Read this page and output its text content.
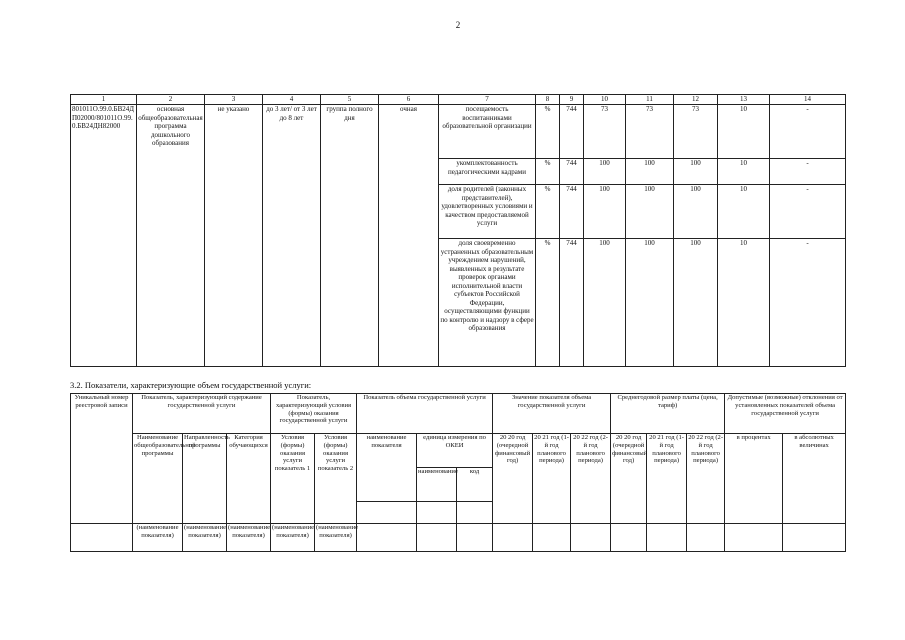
2
1	2	3	4	5	6	7	8	9	10	11	12	13	14
801011О.99.0.БВ24ДП02000/801011О.99.0.БВ24ДН82000	основная общеобразовательная программа дошкольного образования	не указано	до 3 лет/ от 3 лет до 8 лет	группа полного дня	очная	посещаемость воспитанниками образовательной организации	%	744	73	73	73	10	-
						укомплектованность педагогическими кадрами	%	744	100	100	100	10	-
						доля родителей (законных представителей), удовлетворенных условиями и качеством предоставляемой услуги	%	744	100	100	100	10	-
						доля своевременно устраненных образовательным учреждением нарушений, выявленных в результате проверок органами исполнительной власти субъектов Российской Федерации, осуществляющими функции по контролю и надзору в сфере образования	%	744	100	100	100	10	-
3.2. Показатели, характеризующие объем государственной услуги:
Уникальный номер реестровой записи	Показатель, характеризующий содержание государственной услуги			Показатель, характеризующий условия (формы) оказания государственной услуги		Показатель объема государственной услуги			Значение показателя объема государственной услуги			Среднегодовой размер платы (цена, тариф)			Допустимые (возможные) отклонения от установленных показателей объема государственной услуги	
	Наименование общеобразовательной программы	Направленность программы	Категория обучающихся	Условия (формы) оказания услуги показатель 1	Условия (формы) оказания услуги показатель 2	наименование показателя	единица измерения по ОКЕИ		20 20 год (очередной финансовый год)	20 21 год (1-й год планового периода)	20 22 год (2-й год планового периода)	20 20 год (очередной финансовый год)	20 21 год (1-й год планового периода)	20 22 год (2-й год планового периода)	в процентах	в абсолютных величинах
							наименование	код								

	(наименование показателя)	(наименование показателя)	(наименование показателя)	(наименование показателя)	(наименование показателя)											
